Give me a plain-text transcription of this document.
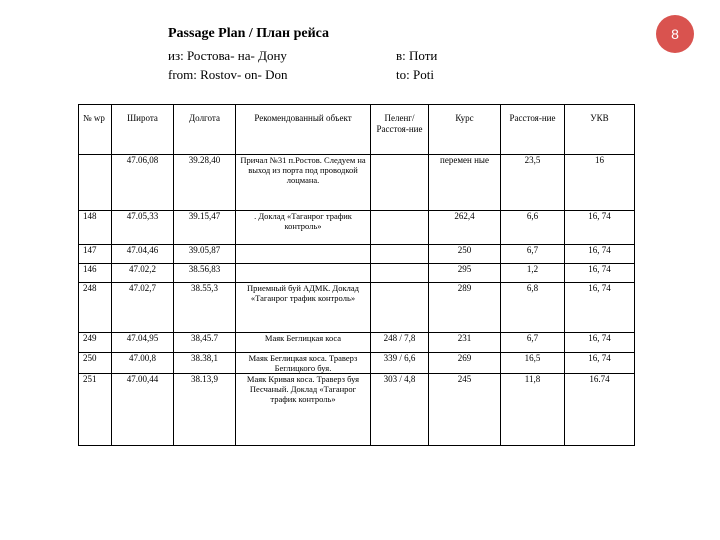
Passage Plan / План рейса
из: Ростова- на- Дону
from: Rostov- on- Don
в: Поти
to: Poti
8
№ wp	Широта	Долгота	Рекомендованный объект	Пеленг/ Расстоя-ние	Курс	Расстоя-ние	УКВ
	47.06,08	39.28,40	Причал №31 п.Ростов. Следуем на выход из порта под проводкой лоцмана.		перемен ные	23,5	16
148	47.05,33	39.15,47	. Доклад «Таганрог трафик контроль»		262,4	6,6	16, 74
147	47.04,46	39.05,87			250	6,7	16, 74
146	47.02,2	38.56,83			295	1,2	16, 74
248	47.02,7	38.55,3	Приемный буй АДМК. Доклад «Таганрог трафик контроль»		289	6,8	16, 74
249	47.04,95	38,45.7	Маяк Беглицкая коса	248 / 7,8	231	6,7	16, 74
250	47.00,8	38.38,1	Маяк Беглицкая коса. Траверз Беглицкого буя.	339 / 6,6	269	16,5	16, 74
251	47.00,44	38.13,9	Маяк Кривая коса. Траверз буя Песчаный. Доклад «Таганрог трафик контроль»	303 / 4,8	245	11,8	16.74
